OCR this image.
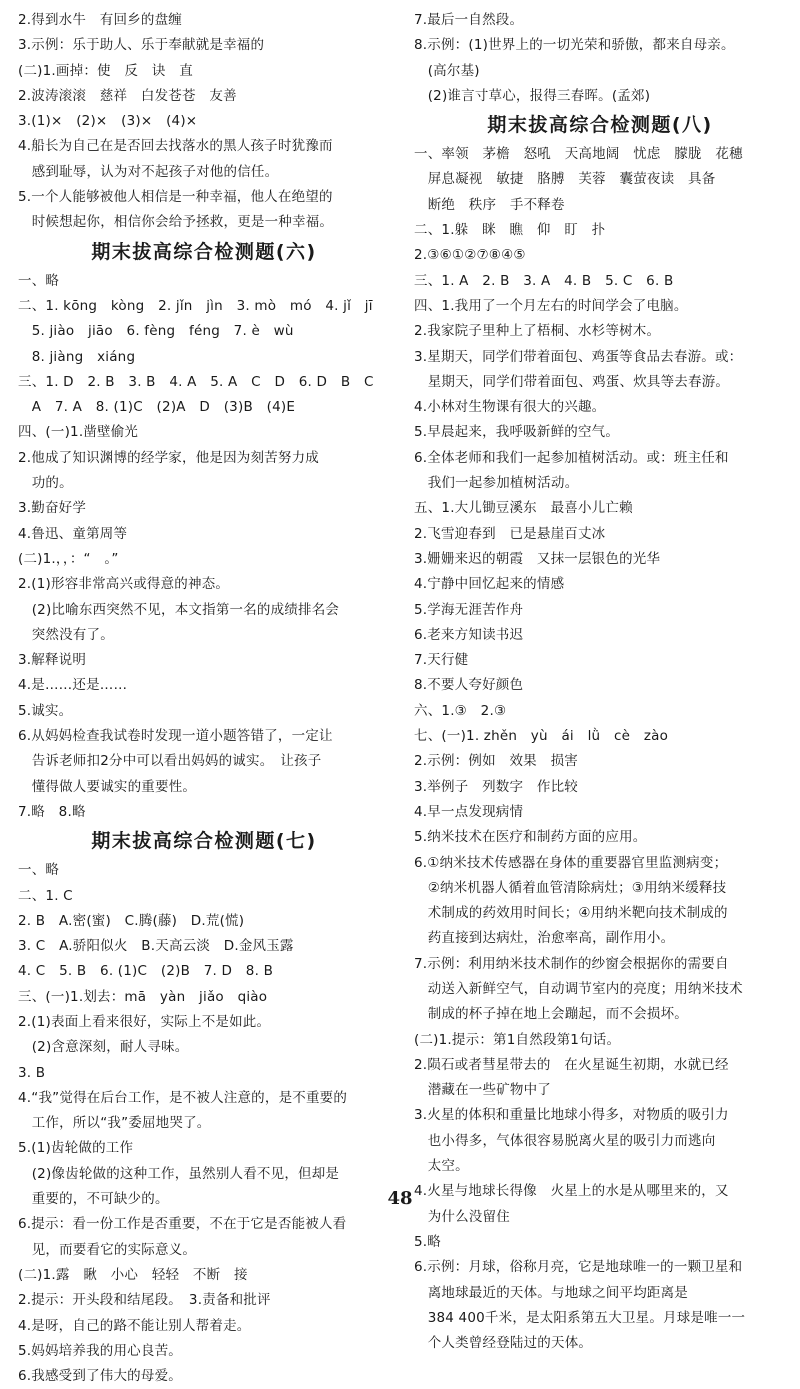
2.得到水牛　有回乡的盘缠
3.示例：乐于助人、乐于奉献就是幸福的
(二)1.画掉：使　反　诀　直
2.波涛滚滚　慈祥　白发苍苍　友善
3.(1)×　(2)×　(3)×　(4)×
4.船长为自己在是否回去找落水的黑人孩子时犹豫而
　感到耻辱，认为对不起孩子对他的信任。
5.一个人能够被他人相信是一种幸福，他人在绝望的
　时候想起你，相信你会给予拯救，更是一种幸福。
期末拔高综合检测题(六)
一、略
二、1. kōng　kòng　2. jǐn　jìn　3. mò　mó　4. jǐ　jī
　5. jiào　jiāo　6. fèng　féng　7. è　wù
　8. jiàng　xiáng
三、1. D　2. B　3. B　4. A　5. A　C　D　6. D　B　C
　A　7. A　8. (1)C　(2)A　D　(3)B　(4)E
四、(一)1.凿壁偷光
2.他成了知识渊博的经学家，他是因为刻苦努力成
　功的。
3.勤奋好学
4.鲁迅、童第周等
(二)1.，，：“　。”
2.(1)形容非常高兴或得意的神态。
　(2)比喻东西突然不见，本文指第一名的成绩排名会
　突然没有了。
3.解释说明
4.是……还是……
5.诚实。
6.从妈妈检查我试卷时发现一道小题答错了，一定让
　告诉老师扣2分中可以看出妈妈的诚实。　让孩子
　懂得做人要诚实的重要性。
7.略　8.略
期末拔高综合检测题(七)
一、略
二、1. C
2. B　A.密(蜜)　C.腾(藤)　D.荒(慌)
3. C　A.骄阳似火　B.天高云淡　D.金风玉露
4. C　5. B　6. (1)C　(2)B　7. D　8. B
三、(一)1.划去：mā　yàn　jiǎo　qiào
2.(1)表面上看来很好，实际上不是如此。
　(2)含意深刻，耐人寻味。
3. B
4.“我”觉得在后台工作，是不被人注意的，是不重要的
　工作，所以“我”委屈地哭了。
5.(1)齿轮做的工作
　(2)像齿轮做的这种工作，虽然别人看不见，但却是
　重要的，不可缺少的。
6.提示：看一份工作是否重要，不在于它是否能被人看
　见，而要看它的实际意义。
(二)1.露　瞅　小心　轻轻　不断　接
2.提示：开头段和结尾段。　3.责备和批评
4.是呀，自己的路不能让别人帮着走。
5.妈妈培养我的用心良苦。
6.我感受到了伟大的母爱。
7.最后一自然段。
8.示例：(1)世界上的一切光荣和骄傲，都来自母亲。
　(高尔基)
　(2)谁言寸草心，报得三春晖。(孟郊)
期末拔高综合检测题(八)
一、率领　茅檐　怒吼　天高地阔　忧虑　朦胧　花穗
　屏息凝视　敏捷　胳膊　芙蓉　囊萤夜读　具备
　断绝　秩序　手不释卷
二、1.躲　眯　瞧　仰　盯　扑
2.③⑥①②⑦⑧④⑤
三、1. A　2. B　3. A　4. B　5. C　6. B
四、1.我用了一个月左右的时间学会了电脑。
2.我家院子里种上了梧桐、水杉等树木。
3.星期天，同学们带着面包、鸡蛋等食品去春游。或：
　星期天，同学们带着面包、鸡蛋、炊具等去春游。
4.小林对生物课有很大的兴趣。
5.早晨起来，我呼吸新鲜的空气。
6.全体老师和我们一起参加植树活动。或：班主任和
　我们一起参加植树活动。
五、1.大儿锄豆溪东　最喜小儿亡赖
2.飞雪迎春到　已是悬崖百丈冰
3.姗姗来迟的朝霞　又抹一层银色的光华
4.宁静中回忆起来的情感
5.学海无涯苦作舟
6.老来方知读书迟
7.天行健
8.不要人夸好颜色
六、1.③　2.③
七、(一)1. zhěn　yù　ái　lǜ　cè　zào
2.示例：例如　效果　损害
3.举例子　列数字　作比较
4.早一点发现病情
5.纳米技术在医疗和制药方面的应用。
6.①纳米技术传感器在身体的重要器官里监测病变；
　②纳米机器人循着血管清除病灶；③用纳米缓释技
　术制成的药效用时间长；④用纳米靶向技术制成的
　药直接到达病灶，治愈率高，副作用小。
7.示例：利用纳米技术制作的纱窗会根据你的需要自
　动送入新鲜空气，自动调节室内的亮度；用纳米技术
　制成的杯子掉在地上会蹦起，而不会损坏。
(二)1.提示：第1自然段第1句话。
2.陨石或者彗星带去的　在火星诞生初期，水就已经
　潜藏在一些矿物中了
3.火星的体积和重量比地球小得多，对物质的吸引力
　也小得多，气体很容易脱离火星的吸引力而逃向
　太空。
4.火星与地球长得像　火星上的水是从哪里来的，又
　为什么没留住
5.略
6.示例：月球，俗称月亮，它是地球唯一的一颗卫星和
　离地球最近的天体。与地球之间平均距离是
　384 400千米，是太阳系第五大卫星。月球是唯一一
　个人类曾经登陆过的天体。
48
